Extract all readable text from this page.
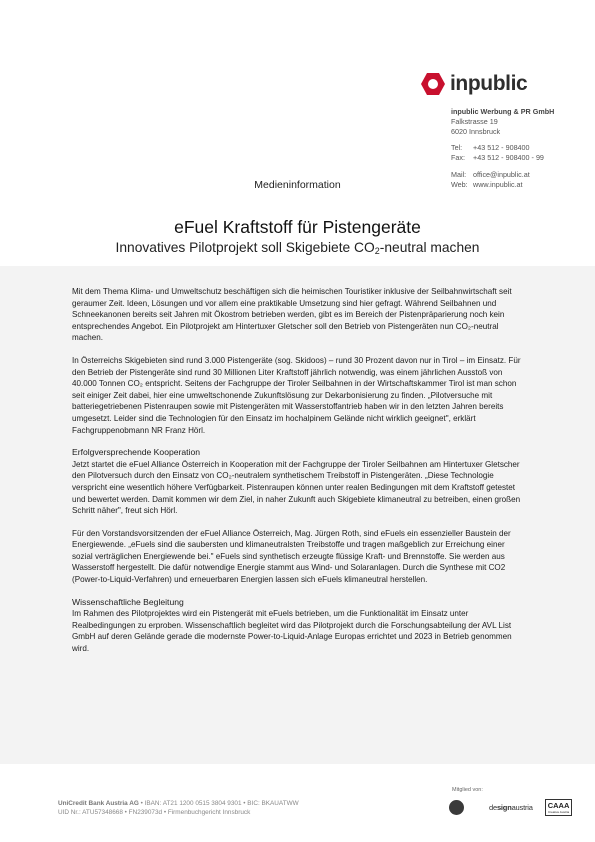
inpublic
inpublic Werbung & PR GmbH
Falkstrasse 19
6020 Innsbruck
Tel: +43 512 - 908400
Fax: +43 512 - 908400 - 99
Mail: office@inpublic.at
Web: www.inpublic.at
Medieninformation
eFuel Kraftstoff für Pistengeräte
Innovatives Pilotprojekt soll Skigebiete $CO_2$-neutral machen

Mit dem Thema Klima- und Umweltschutz beschäftigen sich die heimischen Touristiker inklusive der Seilbahnwirtschaft seit geraumer Zeit. Ideen, Lösungen und vor allem eine praktikable Umsetzung sind hier gefragt. Während Seilbahnen und Schneekanonen bereits seit Jahren mit Ökostrom betrieben werden, gibt es im Bereich der Pistenpräparierung noch kein entsprechendes Angebot. Ein Pilotprojekt am Hintertuxer Gletscher soll den Betrieb von Pistengeräten nun CO₂-neutral machen.

In Österreichs Skigebieten sind rund 3.000 Pistengeräte (sog. Skidoos) – rund 30 Prozent davon nur in Tirol – im Einsatz. Für den Betrieb der Pistengeräte sind rund 30 Millionen Liter Kraftstoff jährlich notwendig, was einem jährlichen Ausstoß von 40.000 Tonnen CO₂ entspricht. Seitens der Fachgruppe der Tiroler Seilbahnen in der Wirtschaftskammer Tirol ist man schon seit einiger Zeit dabei, hier eine umweltschonende Zukunftslösung zur Dekarbonisierung zu finden. „Pilotversuche mit batteriegetriebenen Pistenraupen sowie mit Pistengeräten mit Wasserstoffantrieb haben wir in den letzten Jahren bereits umgesetzt. Leider sind die Technologien für den Einsatz im hochalpinem Gelände nicht wirklich geeignet", erklärt Fachgruppenobmann NR Franz Hörl.

Erfolgversprechende Kooperation

Jetzt startet die eFuel Alliance Österreich in Kooperation mit der Fachgruppe der Tiroler Seilbahnen am Hintertuxer Gletscher den Pilotversuch durch den Einsatz von CO₂-neutralem synthetischem Treibstoff in Pistengeräten. „Diese Technologie verspricht eine wesentlich höhere Verfügbarkeit. Pistenraupen können unter realen Bedingungen mit dem Kraftstoff getestet und bewertet werden. Damit kommen wir dem Ziel, in naher Zukunft auch Skigebiete klimaneutral zu betreiben, einen großen Schritt näher", freut sich Hörl.

Für den Vorstandsvorsitzenden der eFuel Alliance Österreich, Mag. Jürgen Roth, sind eFuels ein essenzieller Baustein der Energiewende. „eFuels sind die saubersten und klimaneutralsten Treibstoffe und tragen maßgeblich zur Erreichung einer sozial verträglichen Energiewende bei." eFuels sind synthetisch erzeugte flüssige Kraft- und Brennstoffe. Sie werden aus Wasserstoff hergestellt. Die dafür notwendige Energie stammt aus Wind- und Solaranlagen. Durch die Synthese mit CO2 (Power-to-Liquid-Verfahren) und erneuerbaren Energien lassen sich eFuels klimaneutral herstellen.

Wissenschaftliche Begleitung

Im Rahmen des Pilotprojektes wird ein Pistengerät mit eFuels betrieben, um die Funktionalität im Einsatz unter Realbedingungen zu erproben. Wissenschaftlich begleitet wird das Pilotprojekt durch die Forschungsabteilung der AVL List GmbH auf deren Gelände gerade die modernste Power-to-Liquid-Anlage Europas errichtet und 2023 in Betrieb genommen wird.

UniCredit Bank Austria AG • IBAN: AT21 1200 0515 3804 9301 • BIC: BKAUATWW
UID Nr.: ATU57348668 • FN239073d • Firmenbuchgericht Innsbruck
Mitglied von:
designaustria	CAAA
Creative Austria
